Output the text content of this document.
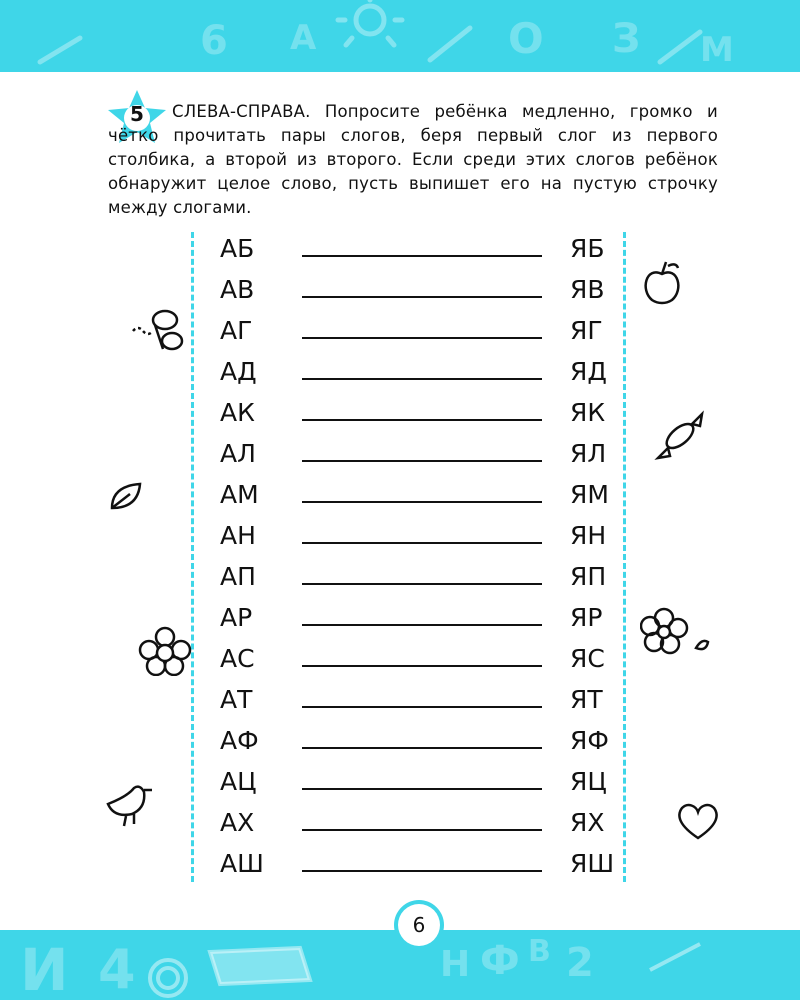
6 А	О З M
5	СЛЕВА-СПРАВА. Попросите ребёнка медленно, громко и чётко прочитать пары слогов, беря первый слог из первого столбика, а второй из второго. Если среди этих слогов ребёнок обнаружит целое слово, пусть выпишет его на пустую строчку между слогами.
АБ	ЯБ
АВ	ЯВ
АГ	ЯГ
АД	ЯД
АК	ЯК
АЛ	ЯЛ
АМ	ЯМ
АН	ЯН
АП	ЯП
АР	ЯР
АС	ЯС
АТ	ЯТ
АФ	ЯФ
АЦ	ЯЦ
АХ	ЯХ
АШ	ЯШ
И 4	Н Ф В 2
6
